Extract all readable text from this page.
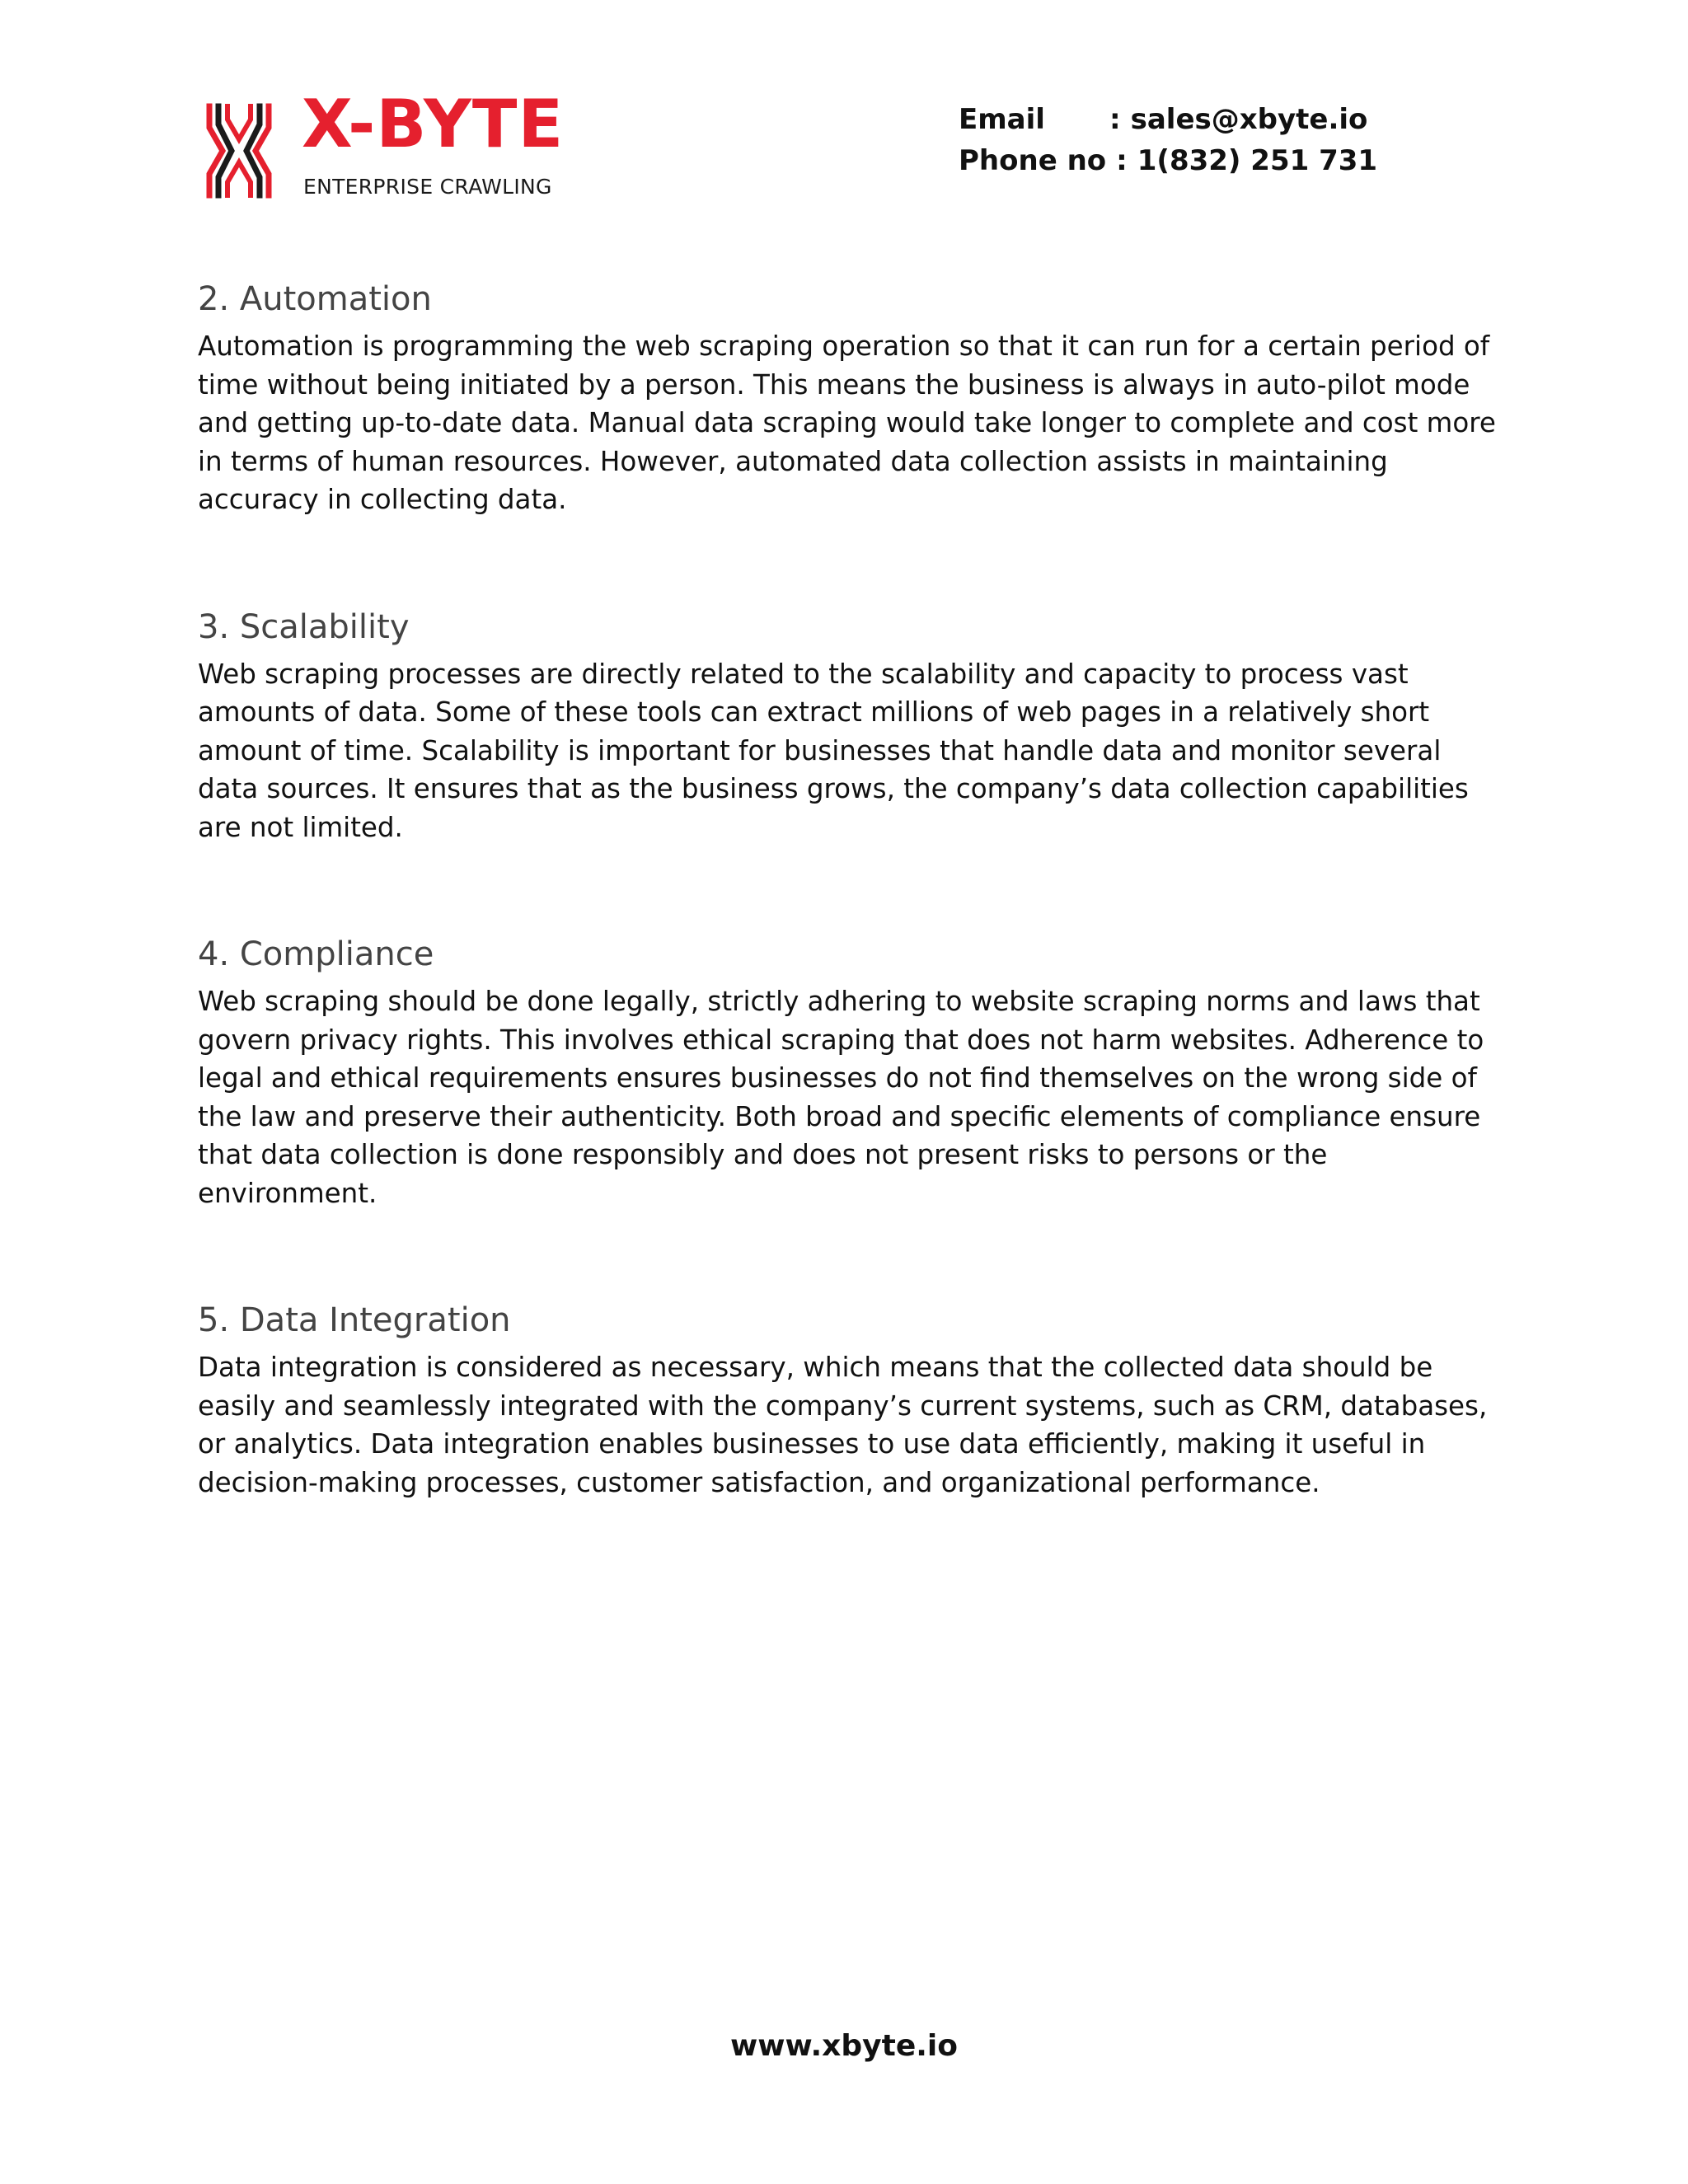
X-BYTE
ENTERPRISE CRAWLING
Email	: sales@xbyte.io
Phone no : 1(832) 251 731
2. Automation

Automation is programming the web scraping operation so that it can run for a certain period of time without being initiated by a person. This means the business is always in auto-pilot mode and getting up-to-date data. Manual data scraping would take longer to complete and cost more in terms of human resources. However, automated data collection assists in maintaining accuracy in collecting data.

3. Scalability

Web scraping processes are directly related to the scalability and capacity to process vast amounts of data. Some of these tools can extract millions of web pages in a relatively short amount of time. Scalability is important for businesses that handle data and monitor several data sources. It ensures that as the business grows, the company’s data collection capabilities are not limited.

4. Compliance

Web scraping should be done legally, strictly adhering to website scraping norms and laws that govern privacy rights. This involves ethical scraping that does not harm websites. Adherence to legal and ethical requirements ensures businesses do not find themselves on the wrong side of the law and preserve their authenticity. Both broad and specific elements of compliance ensure that data collection is done responsibly and does not present risks to persons or the environment.

5. Data Integration

Data integration is considered as necessary, which means that the collected data should be easily and seamlessly integrated with the company’s current systems, such as CRM, databases, or analytics. Data integration enables businesses to use data efficiently, making it useful in decision-making processes, customer satisfaction, and organizational performance.

www.xbyte.io
